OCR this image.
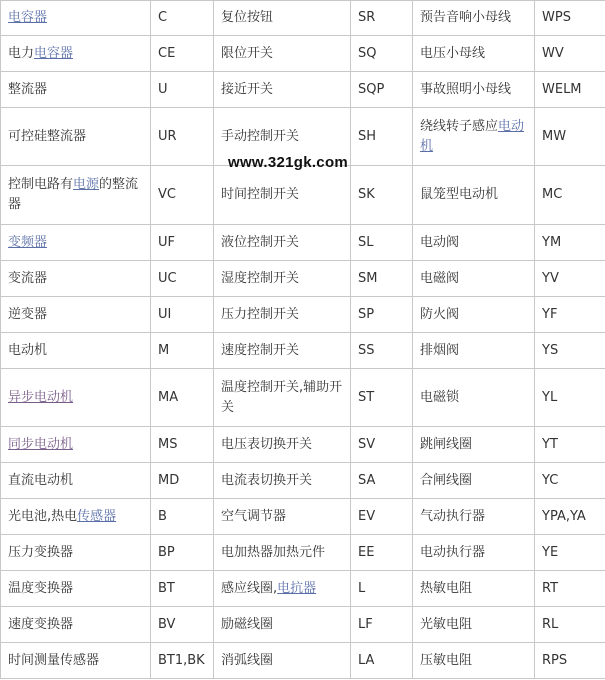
电容器	C	复位按钮	SR	预告音响小母线	WPS
电力电容器	CE	限位开关	SQ	电压小母线	WV
整流器	U	接近开关	SQP	事故照明小母线	WELM
可控硅整流器	UR	手动控制开关	SH	绕线转子感应电动机	MW
控制电路有电源的整流器	VC	时间控制开关	SK	鼠笼型电动机	MC
变频器	UF	液位控制开关	SL	电动阀	YM
变流器	UC	湿度控制开关	SM	电磁阀	YV
逆变器	UI	压力控制开关	SP	防火阀	YF
电动机	M	速度控制开关	SS	排烟阀	YS
异步电动机	MA	温度控制开关,辅助开关	ST	电磁锁	YL
同步电动机	MS	电压表切换开关	SV	跳闸线圈	YT
直流电动机	MD	电流表切换开关	SA	合闸线圈	YC
光电池,热电传感器	B	空气调节器	EV	气动执行器	YPA,YA
压力变换器	BP	电加热器加热元件	EE	电动执行器	YE
温度变换器	BT	感应线圈,电抗器	L	热敏电阻	RT
速度变换器	BV	励磁线圈	LF	光敏电阻	RL
时间测量传感器	BT1,BK	消弧线圈	LA	压敏电阻	RPS
www.321gk.com
